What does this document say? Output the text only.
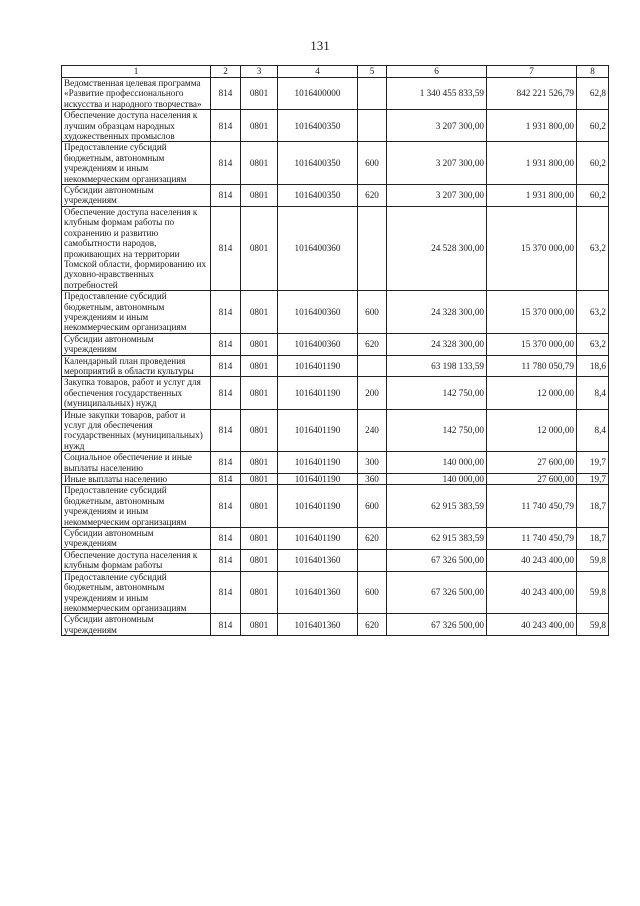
131
1	2	3	4	5	6	7	8
Ведомственная целевая программа «Развитие профессионального искусства и народного творчества»	814	0801	1016400000		1 340 455 833,59	842 221 526,79	62,8
Обеспечение доступа населения к лучшим образцам народных художественных промыслов	814	0801	1016400350		3 207 300,00	1 931 800,00	60,2
Предоставление субсидий бюджетным, автономным учреждениям и иным некоммерческим организациям	814	0801	1016400350	600	3 207 300,00	1 931 800,00	60,2
Субсидии автономным учреждениям	814	0801	1016400350	620	3 207 300,00	1 931 800,00	60,2
Обеспечение доступа населения к клубным формам работы по сохранению и развитию самобытности народов, проживающих на территории Томской области, формированию их духовно-нравственных потребностей	814	0801	1016400360		24 528 300,00	15 370 000,00	63,2
Предоставление субсидий бюджетным, автономным учреждениям и иным некоммерческим организациям	814	0801	1016400360	600	24 328 300,00	15 370 000,00	63,2
Субсидии автономным учреждениям	814	0801	1016400360	620	24 328 300,00	15 370 000,00	63,2
Календарный план проведения мероприятий в области культуры	814	0801	1016401190		63 198 133,59	11 780 050,79	18,6
Закупка товаров, работ и услуг для обеспечения государственных (муниципальных) нужд	814	0801	1016401190	200	142 750,00	12 000,00	8,4
Иные закупки товаров, работ и услуг для обеспечения государственных (муниципальных) нужд	814	0801	1016401190	240	142 750,00	12 000,00	8,4
Социальное обеспечение и иные выплаты населению	814	0801	1016401190	300	140 000,00	27 600,00	19,7
Иные выплаты населению	814	0801	1016401190	360	140 000,00	27 600,00	19,7
Предоставление субсидий бюджетным, автономным учреждениям и иным некоммерческим организациям	814	0801	1016401190	600	62 915 383,59	11 740 450,79	18,7
Субсидии автономным учреждениям	814	0801	1016401190	620	62 915 383,59	11 740 450,79	18,7
Обеспечение доступа населения к клубным формам работы	814	0801	1016401360		67 326 500,00	40 243 400,00	59,8
Предоставление субсидий бюджетным, автономным учреждениям и иным некоммерческим организациям	814	0801	1016401360	600	67 326 500,00	40 243 400,00	59,8
Субсидии автономным учреждениям	814	0801	1016401360	620	67 326 500,00	40 243 400,00	59,8
